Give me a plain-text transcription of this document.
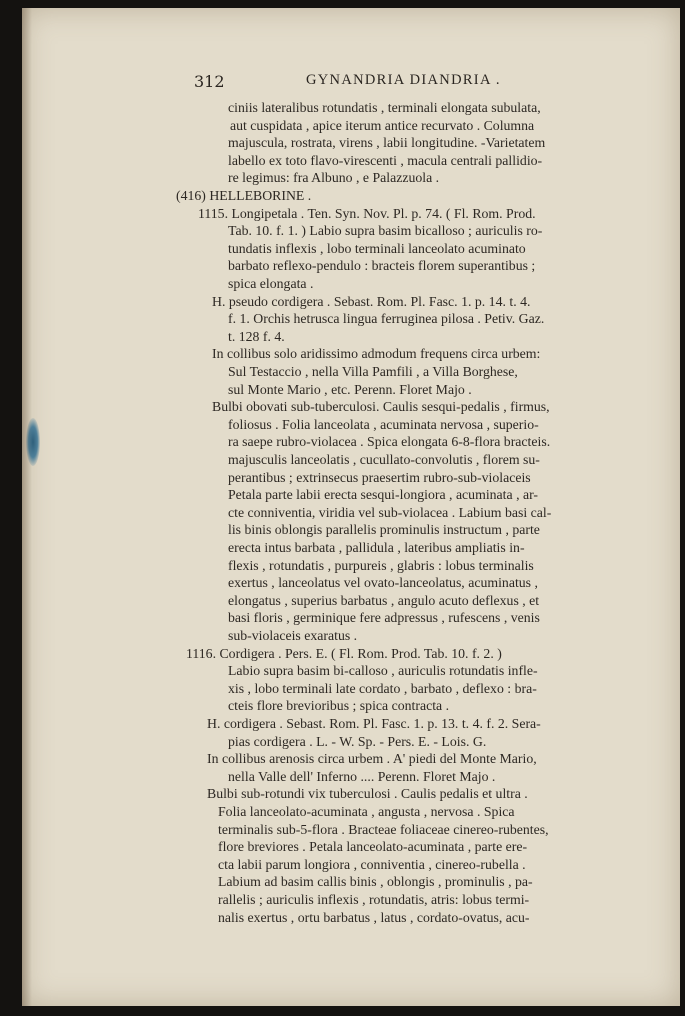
312	GYNANDRIA DIANDRIA .
ciniis lateralibus rotundatis , terminali elongata subulata,
aut cuspidata , apice iterum antice recurvato . Columna
majuscula, rostrata, virens , labii longitudine. -Varietatem
labello ex toto flavo-virescenti , macula centrali pallidio-
re legimus: fra Albuno , e Palazzuola .
(416) HELLEBORINE .
1115. Longipetala . Ten. Syn. Nov. Pl. p. 74. ( Fl. Rom. Prod.
Tab. 10. f. 1. ) Labio supra basim bicalloso ; auriculis ro-
tundatis inflexis , lobo terminali lanceolato acuminato
barbato reflexo-pendulo : bracteis florem superantibus ;
spica elongata .
H. pseudo cordigera . Sebast. Rom. Pl. Fasc. 1. p. 14. t. 4.
f. 1. Orchis hetrusca lingua ferruginea pilosa . Petiv. Gaz.
t. 128 f. 4.
In collibus solo aridissimo admodum frequens circa urbem:
Sul Testaccio , nella Villa Pamfili , a Villa Borghese,
sul Monte Mario , etc. Perenn. Floret Majo .
Bulbi obovati sub-tuberculosi. Caulis sesqui-pedalis , firmus,
foliosus . Folia lanceolata , acuminata nervosa , superio-
ra saepe rubro-violacea . Spica elongata 6-8-flora bracteis.
majusculis lanceolatis , cucullato-convolutis , florem su-
perantibus ; extrinsecus praesertim rubro-sub-violaceis
Petala parte labii erecta sesqui-longiora , acuminata , ar-
cte conniventia, viridia vel sub-violacea . Labium basi cal-
lis binis oblongis parallelis prominulis instructum , parte
erecta intus barbata , pallidula , lateribus ampliatis in-
flexis , rotundatis , purpureis , glabris : lobus terminalis
exertus , lanceolatus vel ovato-lanceolatus, acuminatus ,
elongatus , superius barbatus , angulo acuto deflexus , et
basi floris , germinique fere adpressus , rufescens , venis
sub-violaceis exaratus .
1116. Cordigera . Pers. E. ( Fl. Rom. Prod. Tab. 10. f. 2. )
Labio supra basim bi-calloso , auriculis rotundatis infle-
xis , lobo terminali late cordato , barbato , deflexo : bra-
cteis flore brevioribus ; spica contracta .
H. cordigera . Sebast. Rom. Pl. Fasc. 1. p. 13. t. 4. f. 2. Sera-
pias cordigera . L. - W. Sp. - Pers. E. - Lois. G.
In collibus arenosis circa urbem . A' piedi del Monte Mario,
nella Valle dell' Inferno .... Perenn. Floret Majo .
Bulbi sub-rotundi vix tuberculosi . Caulis pedalis et ultra .
Folia lanceolato-acuminata , angusta , nervosa . Spica
terminalis sub-5-flora . Bracteae foliaceae cinereo-rubentes,
flore breviores . Petala lanceolato-acuminata , parte ere-
cta labii parum longiora , conniventia , cinereo-rubella .
Labium ad basim callis binis , oblongis , prominulis , pa-
rallelis ; auriculis inflexis , rotundatis, atris: lobus termi-
nalis exertus , ortu barbatus , latus , cordato-ovatus, acu-
